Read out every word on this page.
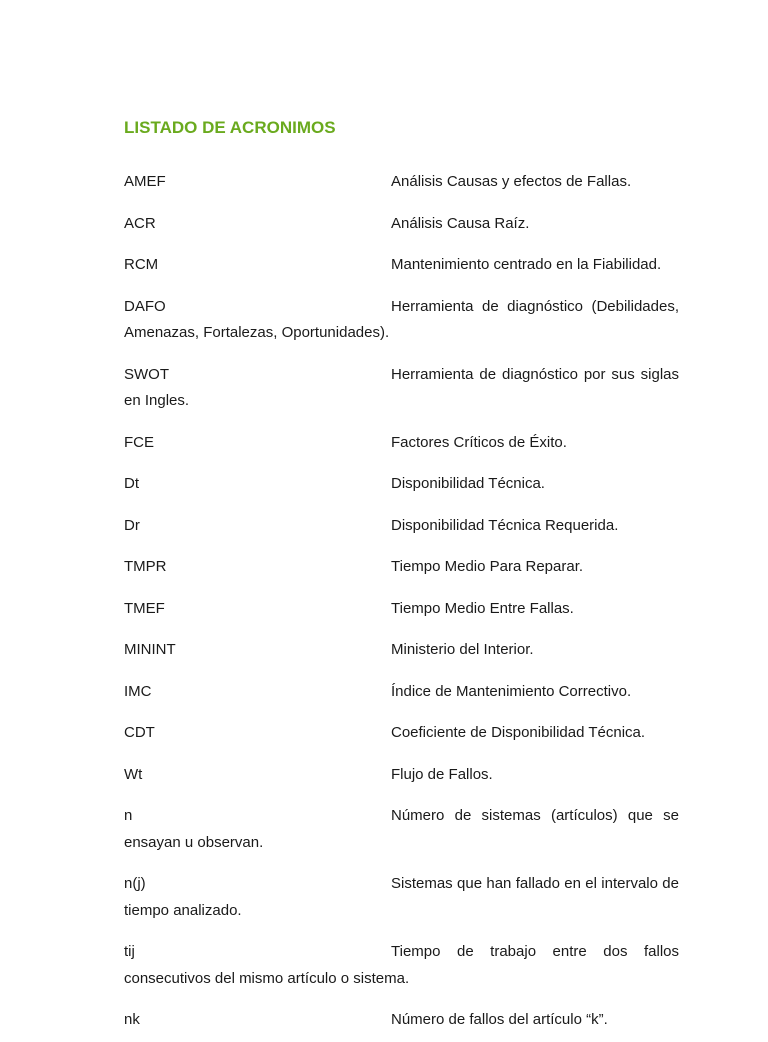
LISTADO DE ACRONIMOS

AMEF	Análisis Causas y efectos de Fallas.

ACR	Análisis Causa Raíz.

RCM	Mantenimiento centrado en la Fiabilidad.

DAFO	Herramienta de diagnóstico (Debilidades, Amenazas, Fortalezas, Oportunidades).

SWOT	Herramienta de diagnóstico por sus siglas en Ingles.

FCE	Factores Críticos de Éxito.

Dt	Disponibilidad Técnica.

Dr	Disponibilidad Técnica Requerida.

TMPR	Tiempo Medio Para Reparar.

TMEF	Tiempo Medio Entre Fallas.

MININT	Ministerio del Interior.

IMC	Índice de Mantenimiento Correctivo.

CDT	Coeficiente de Disponibilidad Técnica.

Wt	Flujo de Fallos.

n	Número de sistemas (artículos) que se ensayan u observan.

n(j)	Sistemas que han fallado en el intervalo de tiempo analizado.

tij	Tiempo de trabajo entre dos fallos consecutivos del mismo artículo o sistema.

nk	Número de fallos del artículo “k”.
